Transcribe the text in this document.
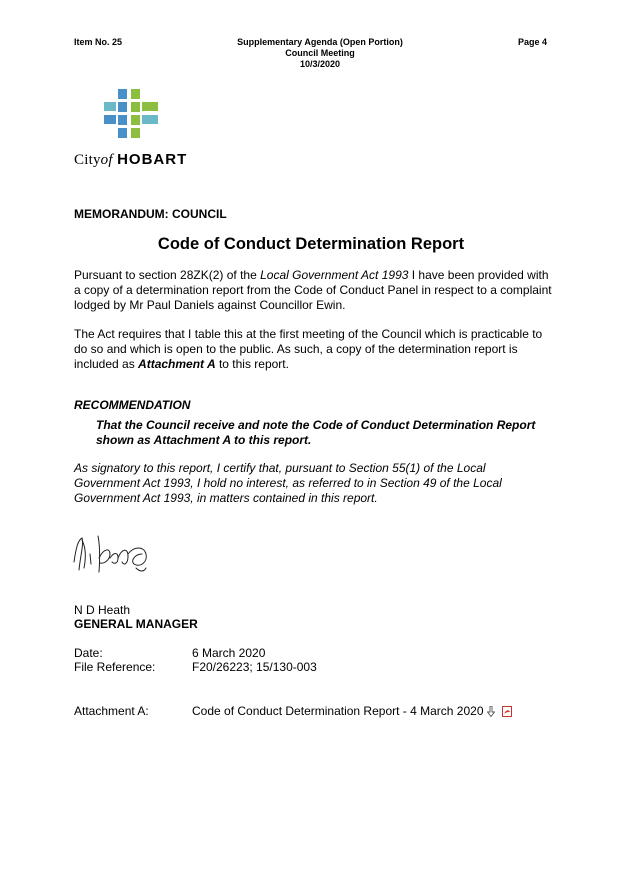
Item No. 25	Supplementary Agenda (Open Portion)
Council Meeting
10/3/2020
Page 4
Cityof HOBART
MEMORANDUM: COUNCIL
Code of Conduct Determination Report
Pursuant to section 28ZK(2) of the Local Government Act 1993 I have been provided with a copy of a determination report from the Code of Conduct Panel in respect to a complaint lodged by Mr Paul Daniels against Councillor Ewin.
The Act requires that I table this at the first meeting of the Council which is practicable to do so and which is open to the public. As such, a copy of the determination report is included as Attachment A to this report.
RECOMMENDATION
That the Council receive and note the Code of Conduct Determination Report shown as Attachment A to this report.
As signatory to this report, I certify that, pursuant to Section 55(1) of the Local Government Act 1993, I hold no interest, as referred to in Section 49 of the Local Government Act 1993, in matters contained in this report.
N D Heath
GENERAL MANAGER
Date:	6 March 2020
File Reference:	F20/26223; 15/130-003
Attachment A:	Code of Conduct Determination Report - 4 March 2020
